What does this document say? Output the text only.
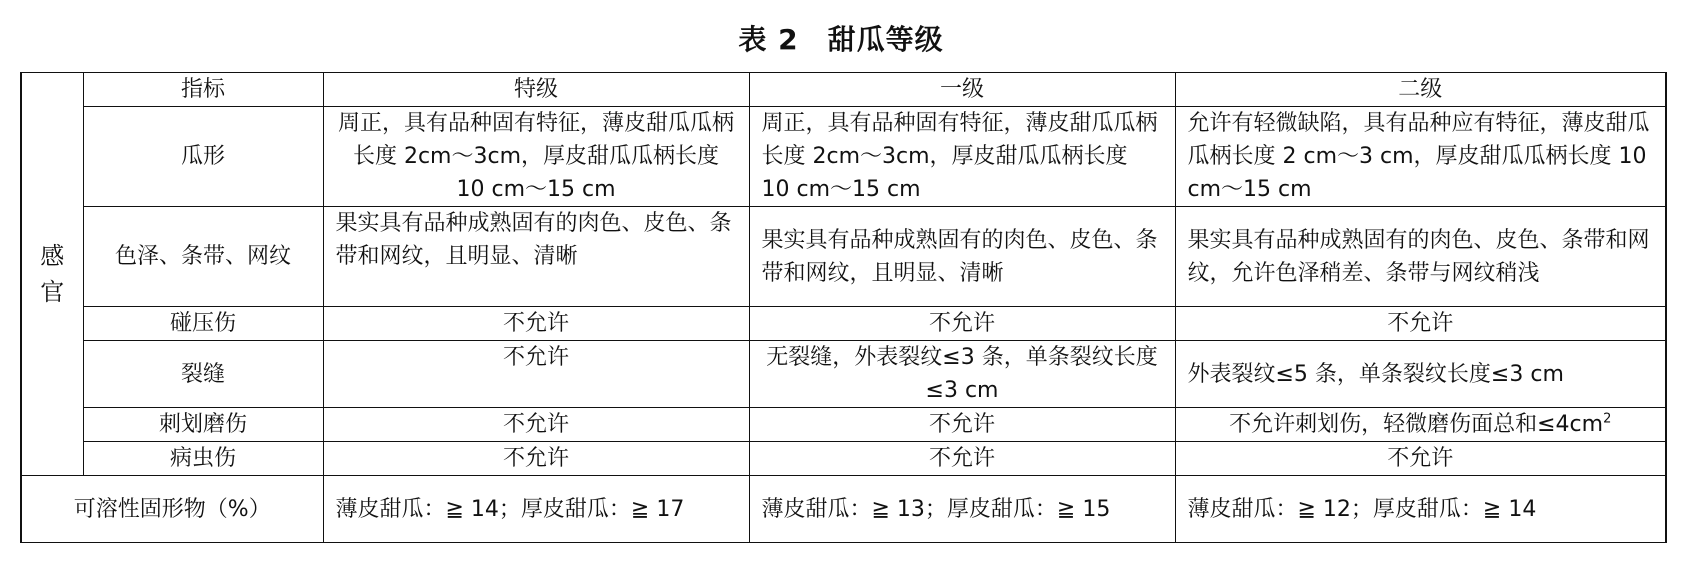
表 2　甜瓜等级
感官	指标	特级	一级	二级
	瓜形	周正，具有品种固有特征，薄皮甜瓜瓜柄长度 2cm～3cm，厚皮甜瓜瓜柄长度 10 cm～15 cm	周正，具有品种固有特征，薄皮甜瓜瓜柄长度 2cm～3cm，厚皮甜瓜瓜柄长度 10 cm～15 cm	允许有轻微缺陷，具有品种应有特征，薄皮甜瓜瓜柄长度 2 cm～3 cm，厚皮甜瓜瓜柄长度 10 cm～15 cm
	色泽、条带、网纹	果实具有品种成熟固有的肉色、皮色、条带和网纹，且明显、清晰	果实具有品种成熟固有的肉色、皮色、条带和网纹，且明显、清晰	果实具有品种成熟固有的肉色、皮色、条带和网纹，允许色泽稍差、条带与网纹稍浅
	碰压伤	不允许	不允许	不允许
	裂缝	不允许	无裂缝，外表裂纹≤3 条，单条裂纹长度≤3 cm	外表裂纹≤5 条，单条裂纹长度≤3 cm
	刺划磨伤	不允许	不允许	不允许刺划伤，轻微磨伤面总和$\le 4cm^2$
	病虫伤	不允许	不允许	不允许
可溶性固形物（%）		薄皮甜瓜：≧ 14；厚皮甜瓜：≧ 17	薄皮甜瓜：≧ 13；厚皮甜瓜：≧ 15	薄皮甜瓜：≧ 12；厚皮甜瓜：≧ 14
